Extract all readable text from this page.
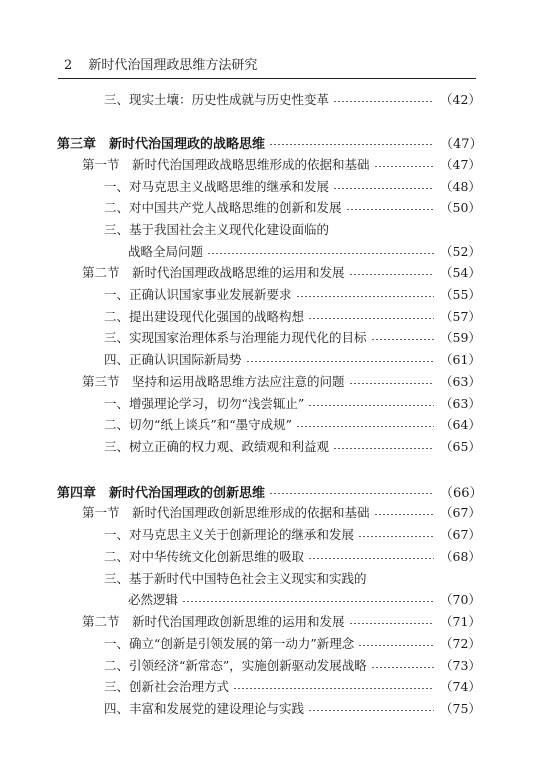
2 新时代治国理政思维方法研究
三、现实土壤：历史性成就与历史性变革	（42）
第三章　新时代治国理政的战略思维	（47）
第一节　新时代治国理政战略思维形成的依据和基础	（47）
一、对马克思主义战略思维的继承和发展	（48）
二、对中国共产党人战略思维的创新和发展	（50）
三、基于我国社会主义现代化建设面临的
战略全局问题	（52）
第二节　新时代治国理政战略思维的运用和发展	（54）
一、正确认识国家事业发展新要求	（55）
二、提出建设现代化强国的战略构想	（57）
三、实现国家治理体系与治理能力现代化的目标	（59）
四、正确认识国际新局势	（61）
第三节　坚持和运用战略思维方法应注意的问题	（63）
一、增强理论学习，切勿“浅尝辄止”	（63）
二、切勿“纸上谈兵”和“墨守成规”	（64）
三、树立正确的权力观、政绩观和利益观	（65）
第四章　新时代治国理政的创新思维	（66）
第一节　新时代治国理政创新思维形成的依据和基础	（67）
一、对马克思主义关于创新理论的继承和发展	（67）
二、对中华传统文化创新思维的吸取	（68）
三、基于新时代中国特色社会主义现实和实践的
必然逻辑	（70）
第二节　新时代治国理政创新思维的运用和发展	（71）
一、确立“创新是引领发展的第一动力”新理念	（72）
二、引领经济“新常态”，实施创新驱动发展战略	（73）
三、创新社会治理方式	（74）
四、丰富和发展党的建设理论与实践	（75）
